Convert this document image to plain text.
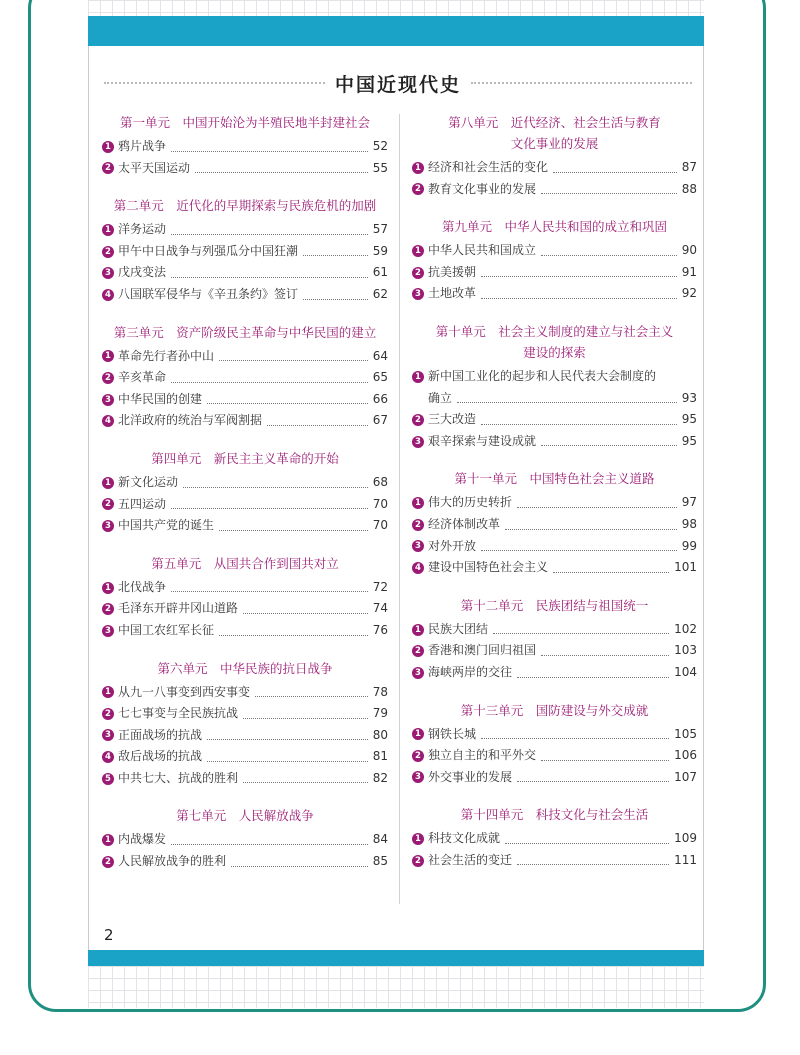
中国近现代史
第一单元　中国开始沦为半殖民地半封建社会
1 鸦片战争	52
2 太平天国运动	55
第二单元　近代化的早期探索与民族危机的加剧
1 洋务运动	57
2 甲午中日战争与列强瓜分中国狂潮	59
3 戊戌变法	61
4 八国联军侵华与《辛丑条约》签订	62
第三单元　资产阶级民主革命与中华民国的建立
1 革命先行者孙中山	64
2 辛亥革命	65
3 中华民国的创建	66
4 北洋政府的统治与军阀割据	67
第四单元　新民主主义革命的开始
1 新文化运动	68
2 五四运动	70
3 中国共产党的诞生	70
第五单元　从国共合作到国共对立
1 北伐战争	72
2 毛泽东开辟井冈山道路	74
3 中国工农红军长征	76
第六单元　中华民族的抗日战争
1 从九一八事变到西安事变	78
2 七七事变与全民族抗战	79
3 正面战场的抗战	80
4 敌后战场的抗战	81
5 中共七大、抗战的胜利	82
第七单元　人民解放战争
1 内战爆发	84
2 人民解放战争的胜利	85
第八单元　近代经济、社会生活与教育
文化事业的发展
1 经济和社会生活的变化	87
2 教育文化事业的发展	88
第九单元　中华人民共和国的成立和巩固
1 中华人民共和国成立	90
2 抗美援朝	91
3 土地改革	92
第十单元　社会主义制度的建立与社会主义
建设的探索
1 新中国工业化的起步和人民代表大会制度的
确立	93
2 三大改造	95
3 艰辛探索与建设成就	95
第十一单元　中国特色社会主义道路
1 伟大的历史转折	97
2 经济体制改革	98
3 对外开放	99
4 建设中国特色社会主义	101
第十二单元　民族团结与祖国统一
1 民族大团结	102
2 香港和澳门回归祖国	103
3 海峡两岸的交往	104
第十三单元　国防建设与外交成就
1 钢铁长城	105
2 独立自主的和平外交	106
3 外交事业的发展	107
第十四单元　科技文化与社会生活
1 科技文化成就	109
2 社会生活的变迁	111
2
